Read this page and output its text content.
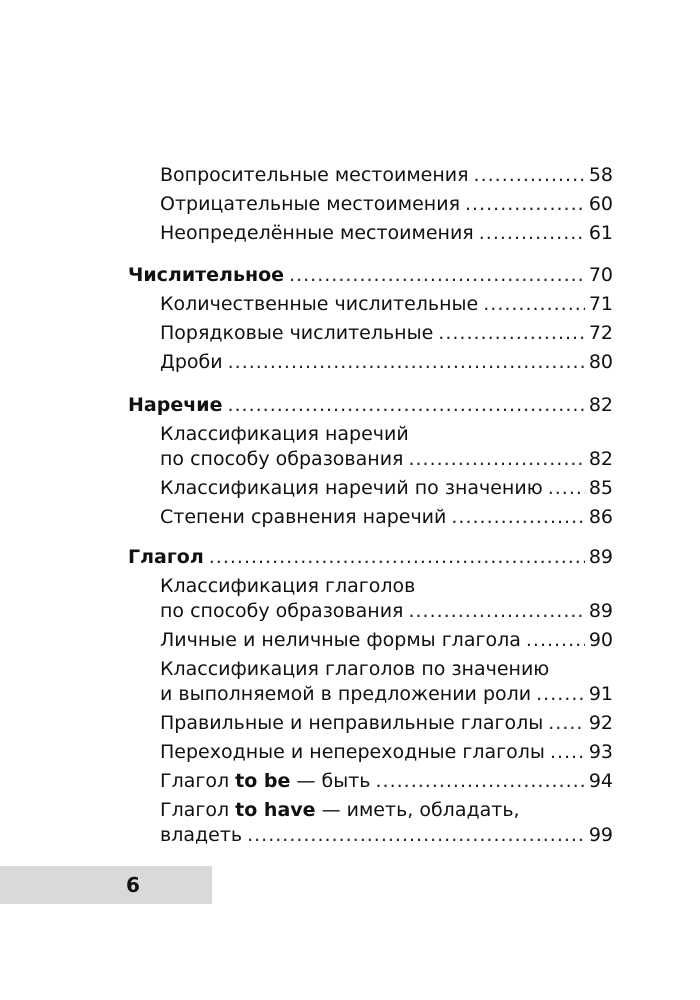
Вопросительные местоимения .....	58
Отрицательные местоимения .....	60
Неопределённые местоимения .....	61
Числительное .....	70
Количественные числительные .....	71
Порядковые числительные .....	72
Дроби .....	80
Наречие .....	82
Классификация наречий
по способу образования .....	82
Классификация наречий по значению ..... 85
Степени сравнения наречий .....	86
Глагол .....	89
Классификация глаголов
по способу образования .....	89
Личные и неличные формы глагола .....	90
Классификация глаголов по значению
и выполняемой в предложении роли .....	91
Правильные и неправильные глаголы ..... 92
Переходные и непереходные глаголы ..... 93
Глагол to be — быть .....	94
Глагол to have — иметь, обладать,
владеть .....	99
6
